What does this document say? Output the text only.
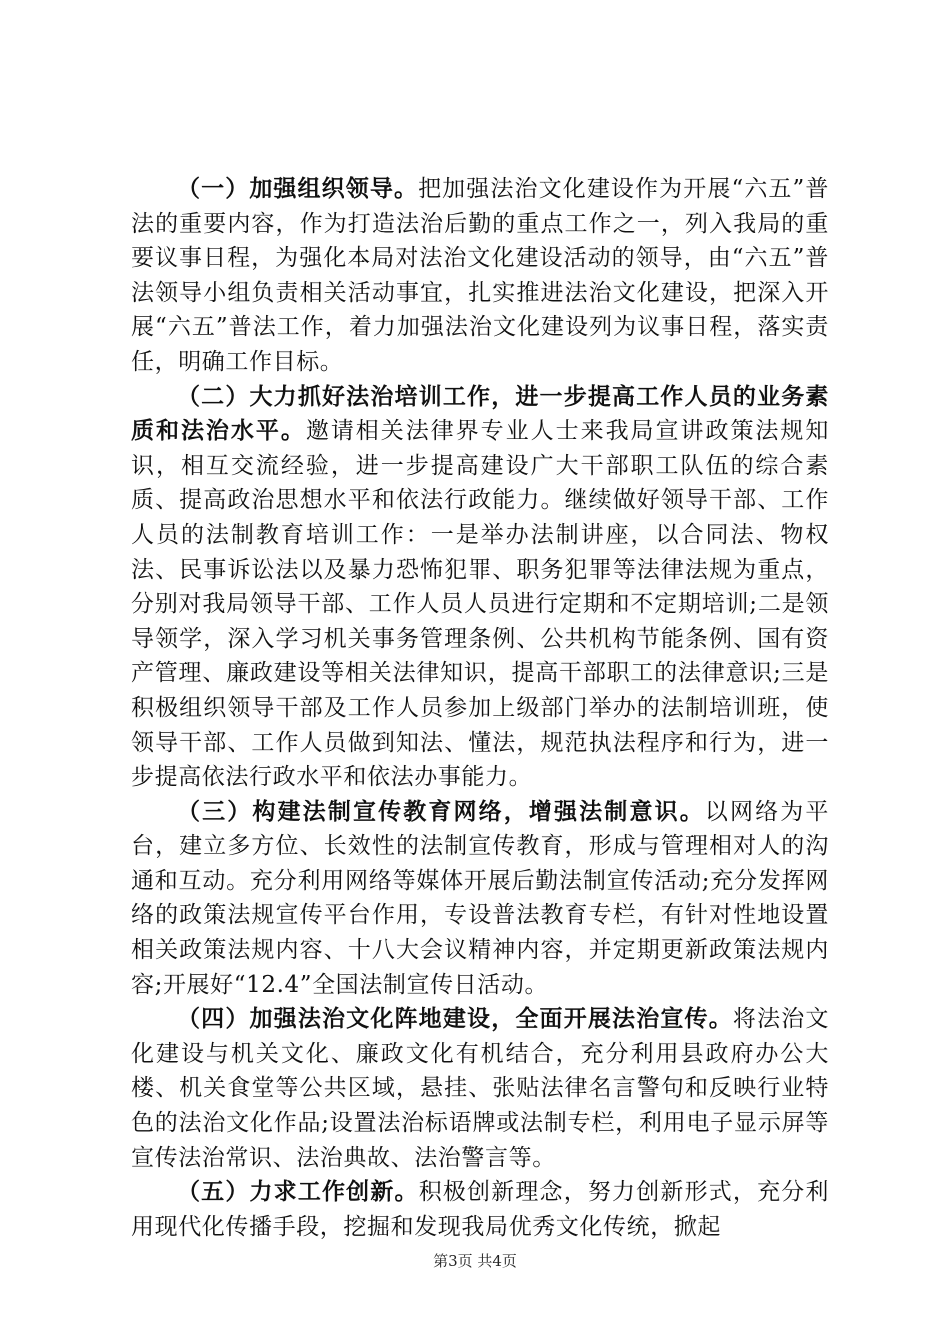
（一）加强组织领导。把加强法治文化建设作为开展“六五”普法的重要内容，作为打造法治后勤的重点工作之一，列入我局的重要议事日程，为强化本局对法治文化建设活动的领导，由“六五”普法领导小组负责相关活动事宜，扎实推进法治文化建设，把深入开展“六五”普法工作，着力加强法治文化建设列为议事日程，落实责任，明确工作目标。

（二）大力抓好法治培训工作，进一步提高工作人员的业务素质和法治水平。邀请相关法律界专业人士来我局宣讲政策法规知识，相互交流经验，进一步提高建设广大干部职工队伍的综合素质、提高政治思想水平和依法行政能力。继续做好领导干部、工作人员的法制教育培训工作：一是举办法制讲座，以合同法、物权法、民事诉讼法以及暴力恐怖犯罪、职务犯罪等法律法规为重点，分别对我局领导干部、工作人员人员进行定期和不定期培训;二是领导领学，深入学习机关事务管理条例、公共机构节能条例、国有资产管理、廉政建设等相关法律知识，提高干部职工的法律意识;三是积极组织领导干部及工作人员参加上级部门举办的法制培训班，使领导干部、工作人员做到知法、懂法，规范执法程序和行为，进一步提高依法行政水平和依法办事能力。

（三）构建法制宣传教育网络，增强法制意识。以网络为平台，建立多方位、长效性的法制宣传教育，形成与管理相对人的沟通和互动。充分利用网络等媒体开展后勤法制宣传活动;充分发挥网络的政策法规宣传平台作用，专设普法教育专栏，有针对性地设置相关政策法规内容、十八大会议精神内容，并定期更新政策法规内容;开展好“12.4”全国法制宣传日活动。

（四）加强法治文化阵地建设，全面开展法治宣传。将法治文化建设与机关文化、廉政文化有机结合，充分利用县政府办公大楼、机关食堂等公共区域，悬挂、张贴法律名言警句和反映行业特色的法治文化作品;设置法治标语牌或法制专栏，利用电子显示屏等宣传法治常识、法治典故、法治警言等。

（五）力求工作创新。积极创新理念，努力创新形式，充分利用现代化传播手段，挖掘和发现我局优秀文化传统，掀起

第3页 共4页
